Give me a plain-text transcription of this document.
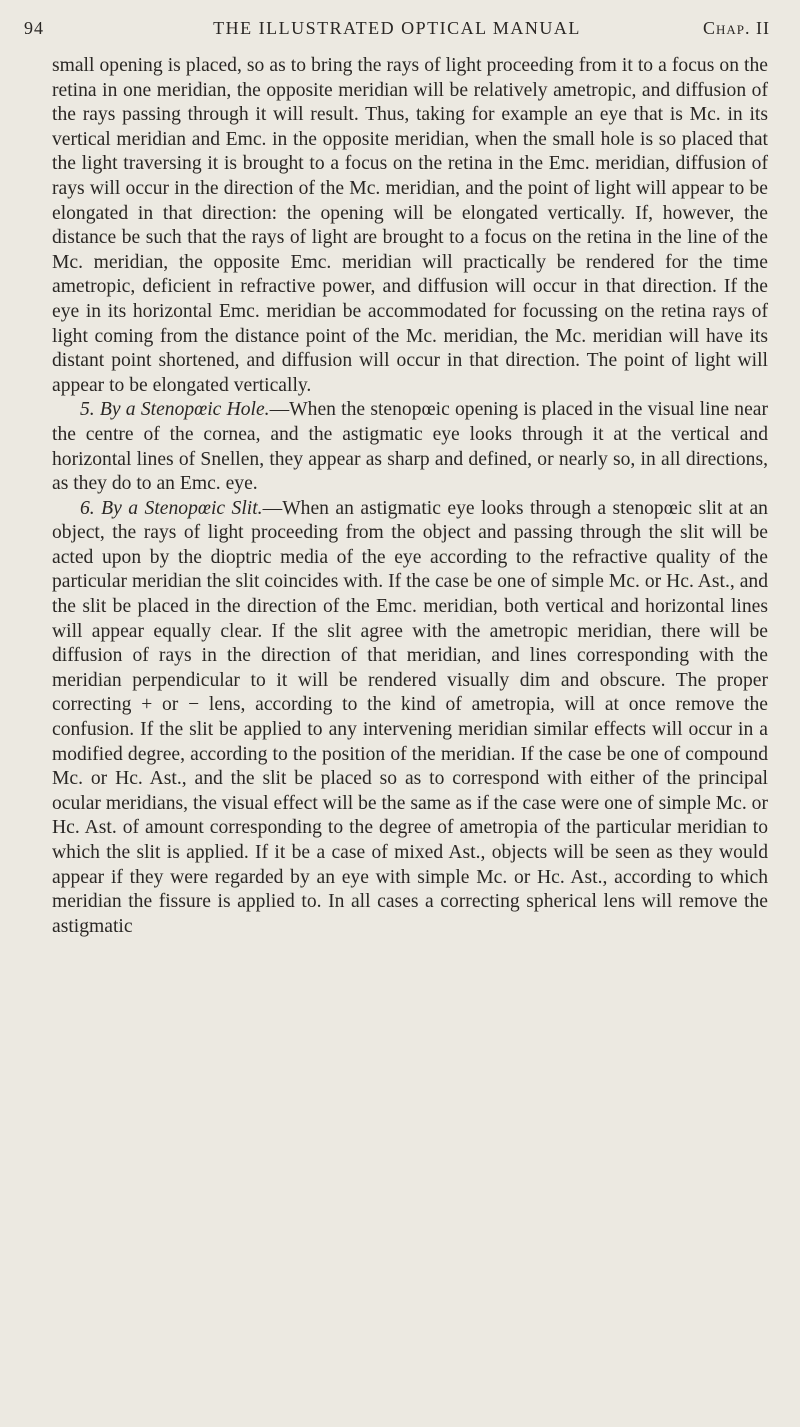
94	THE ILLUSTRATED OPTICAL MANUAL	Chap. II

small opening is placed, so as to bring the rays of light proceeding from it to a focus on the retina in one meridian, the opposite meridian will be relatively ametropic, and diffusion of the rays passing through it will result. Thus, taking for example an eye that is Mc. in its vertical meridian and Emc. in the opposite meridian, when the small hole is so placed that the light traversing it is brought to a focus on the retina in the Emc. meridian, diffusion of rays will occur in the direction of the Mc. meridian, and the point of light will appear to be elongated in that direction: the opening will be elongated vertically. If, however, the distance be such that the rays of light are brought to a focus on the retina in the line of the Mc. meridian, the opposite Emc. meridian will practically be rendered for the time ametropic, deficient in refractive power, and diffusion will occur in that direction. If the eye in its horizontal Emc. meridian be accommodated for focussing on the retina rays of light coming from the distance point of the Mc. meridian, the Mc. meridian will have its distant point shortened, and diffusion will occur in that direction. The point of light will appear to be elongated vertically.

5. By a Stenopœic Hole.—When the stenopœic opening is placed in the visual line near the centre of the cornea, and the astigmatic eye looks through it at the vertical and horizontal lines of Snellen, they appear as sharp and defined, or nearly so, in all directions, as they do to an Emc. eye.

6. By a Stenopœic Slit.—When an astigmatic eye looks through a stenopœic slit at an object, the rays of light proceeding from the object and passing through the slit will be acted upon by the dioptric media of the eye according to the refractive quality of the particular meridian the slit coincides with. If the case be one of simple Mc. or Hc. Ast., and the slit be placed in the direction of the Emc. meridian, both vertical and horizontal lines will appear equally clear. If the slit agree with the ametropic meridian, there will be diffusion of rays in the direction of that meridian, and lines corresponding with the meridian perpendicular to it will be rendered visually dim and obscure. The proper correcting + or − lens, according to the kind of ametropia, will at once remove the confusion. If the slit be applied to any intervening meridian similar effects will occur in a modified degree, according to the position of the meridian. If the case be one of compound Mc. or Hc. Ast., and the slit be placed so as to correspond with either of the principal ocular meridians, the visual effect will be the same as if the case were one of simple Mc. or Hc. Ast. of amount corresponding to the degree of ametropia of the particular meridian to which the slit is applied. If it be a case of mixed Ast., objects will be seen as they would appear if they were regarded by an eye with simple Mc. or Hc. Ast., according to which meridian the fissure is applied to. In all cases a correcting spherical lens will remove the astigmatic
